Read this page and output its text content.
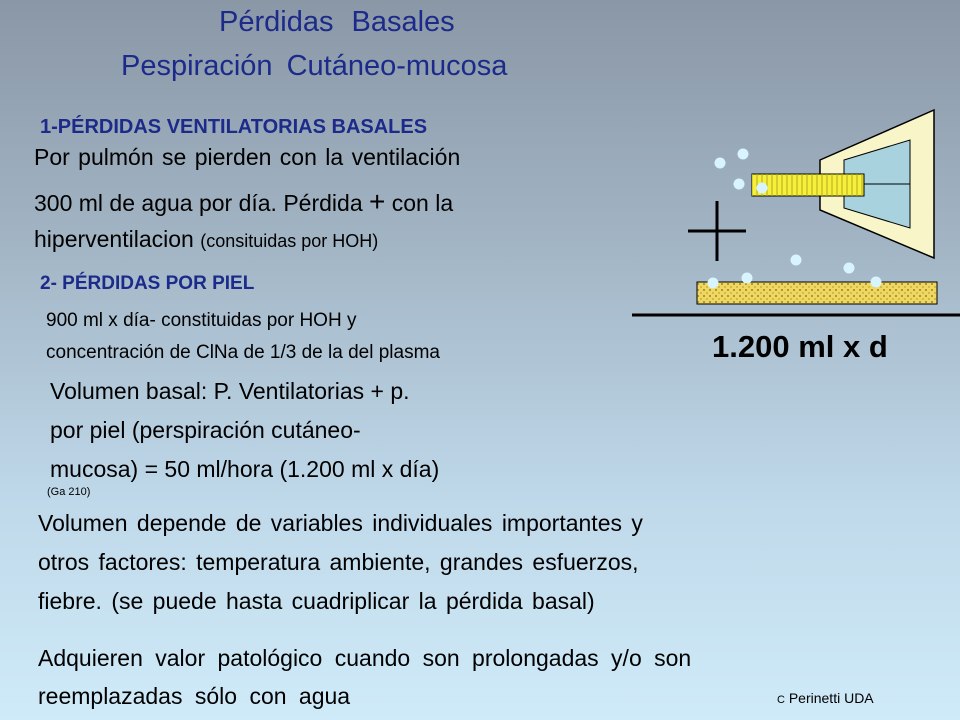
Pérdidas Basales
Pespiración Cutáneo-mucosa
1-PÉRDIDAS VENTILATORIAS BASALES
Por pulmón se pierden con la ventilación
300 ml de agua por día. Pérdida + con la
hiperventilacion (consituidas por HOH)
2- PÉRDIDAS POR PIEL
900 ml x día- constituidas por HOH y
concentración de ClNa de 1/3 de la del plasma
Volumen basal: P. Ventilatorias + p.
por piel (perspiración cutáneo-
mucosa) = 50 ml/hora (1.200 ml x día)
(Ga 210)
Volumen depende de variables individuales importantes y
otros factores: temperatura ambiente, grandes esfuerzos,
fiebre. (se puede hasta cuadriplicar la pérdida basal)
Adquieren valor patológico cuando son prolongadas y/o son
reemplazadas sólo con agua	C Perinetti UDA
1.200 ml x d
